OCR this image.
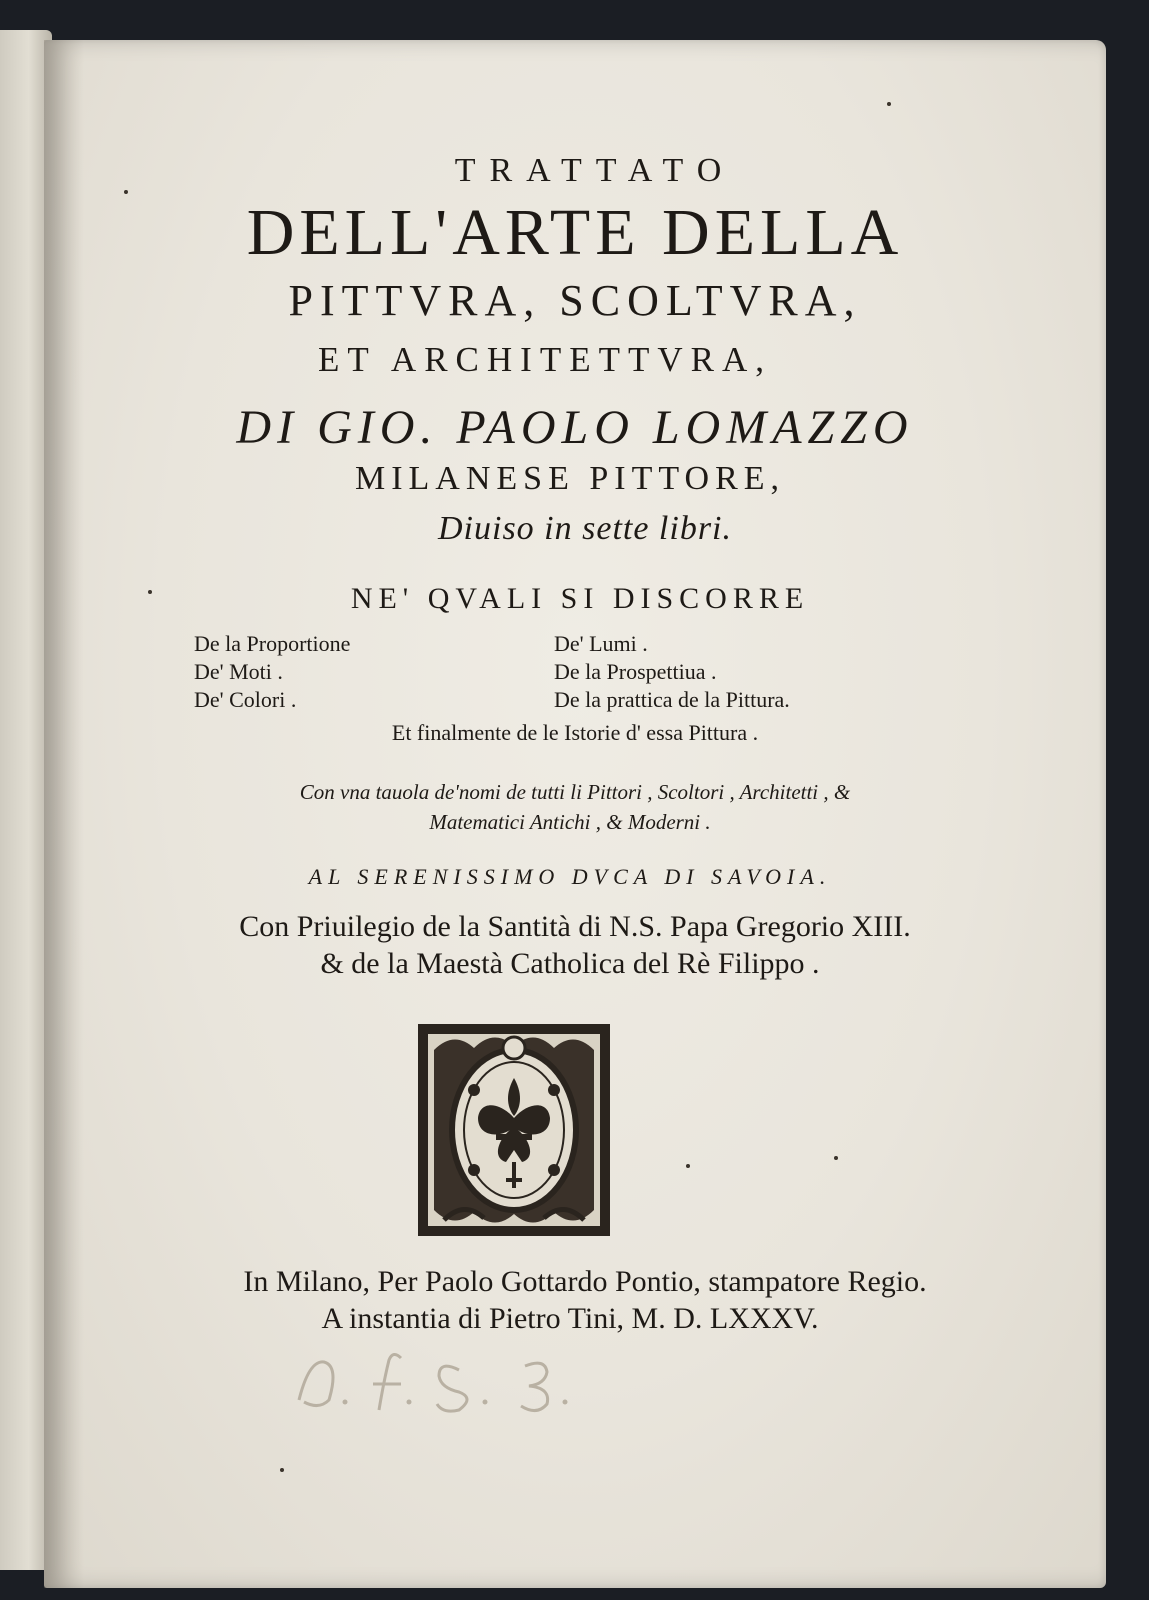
TRATTATO

DELL'ARTE DELLA

PITTVRA, SCOLTVRA,

ET ARCHITETTVRA,

DI GIO. PAOLO LOMAZZO

MILANESE PITTORE,

Diuiso in sette libri.

NE' QVALI SI DISCORRE

De la Proportione	De' Lumi .
De' Moti .	De la Prospettiua .
De' Colori .	De la prattica de la Pittura.

Et finalmente de le Istorie d' essa Pittura .

Con vna tauola de'nomi de tutti li Pittori , Scoltori , Architetti , &

Matematici Antichi , & Moderni .

AL SERENISSIMO DVCA DI SAVOIA.

Con Priuilegio de la Santità di N.S. Papa Gregorio XIII.

& de la Maestà Catholica del Rè Filippo .

In Milano, Per Paolo Gottardo Pontio, stampatore Regio.

A instantia di Pietro Tini, M. D. LXXXV.
